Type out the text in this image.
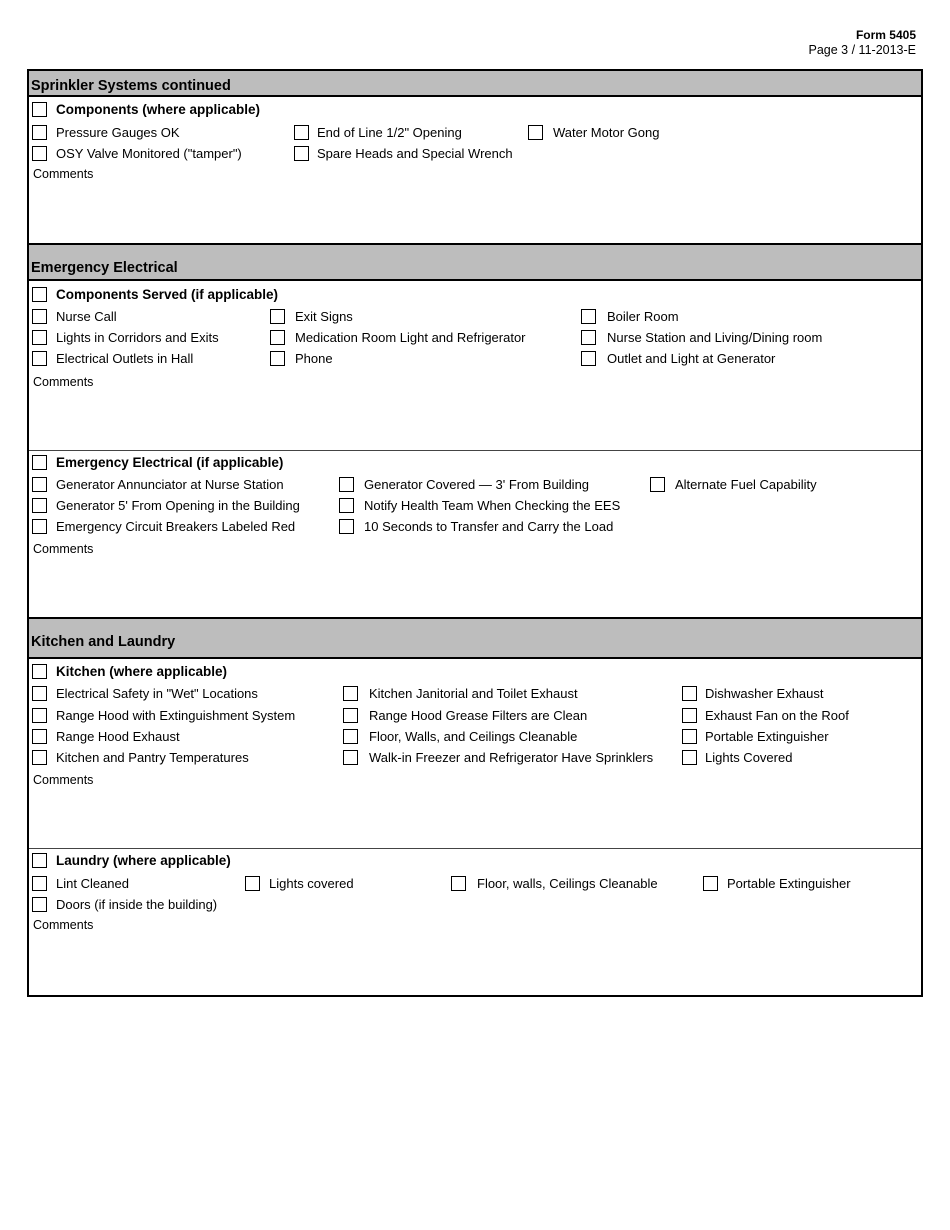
Form 5405
Page 3 / 11-2013-E
Sprinkler Systems continued
Components (where applicable)
Pressure Gauges OK
OSY Valve Monitored ("tamper")
End of Line 1/2" Opening
Spare Heads and Special Wrench
Water Motor Gong
Comments
Emergency Electrical
Components Served (if applicable)
Nurse Call
Lights in Corridors and Exits
Electrical Outlets in Hall
Exit Signs
Medication Room Light and Refrigerator
Phone
Boiler Room
Nurse Station and Living/Dining room
Outlet and Light at Generator
Comments
Emergency Electrical (if applicable)
Generator Annunciator at Nurse Station
Generator 5' From Opening in the Building
Emergency Circuit Breakers Labeled Red
Generator Covered — 3' From Building
Notify Health Team When Checking the EES
10 Seconds to Transfer and Carry the Load
Alternate Fuel Capability
Comments
Kitchen and Laundry
Kitchen (where applicable)
Electrical Safety in "Wet" Locations
Range Hood with Extinguishment System
Range Hood Exhaust
Kitchen and Pantry Temperatures
Kitchen Janitorial and Toilet Exhaust
Range Hood Grease Filters are Clean
Floor, Walls, and Ceilings Cleanable
Walk-in Freezer and Refrigerator Have Sprinklers
Dishwasher Exhaust
Exhaust Fan on the Roof
Portable Extinguisher
Lights Covered
Comments
Laundry (where applicable)
Lint Cleaned
Doors (if inside the building)
Lights covered	Floor, walls, Ceilings Cleanable	Portable Extinguisher
Comments
